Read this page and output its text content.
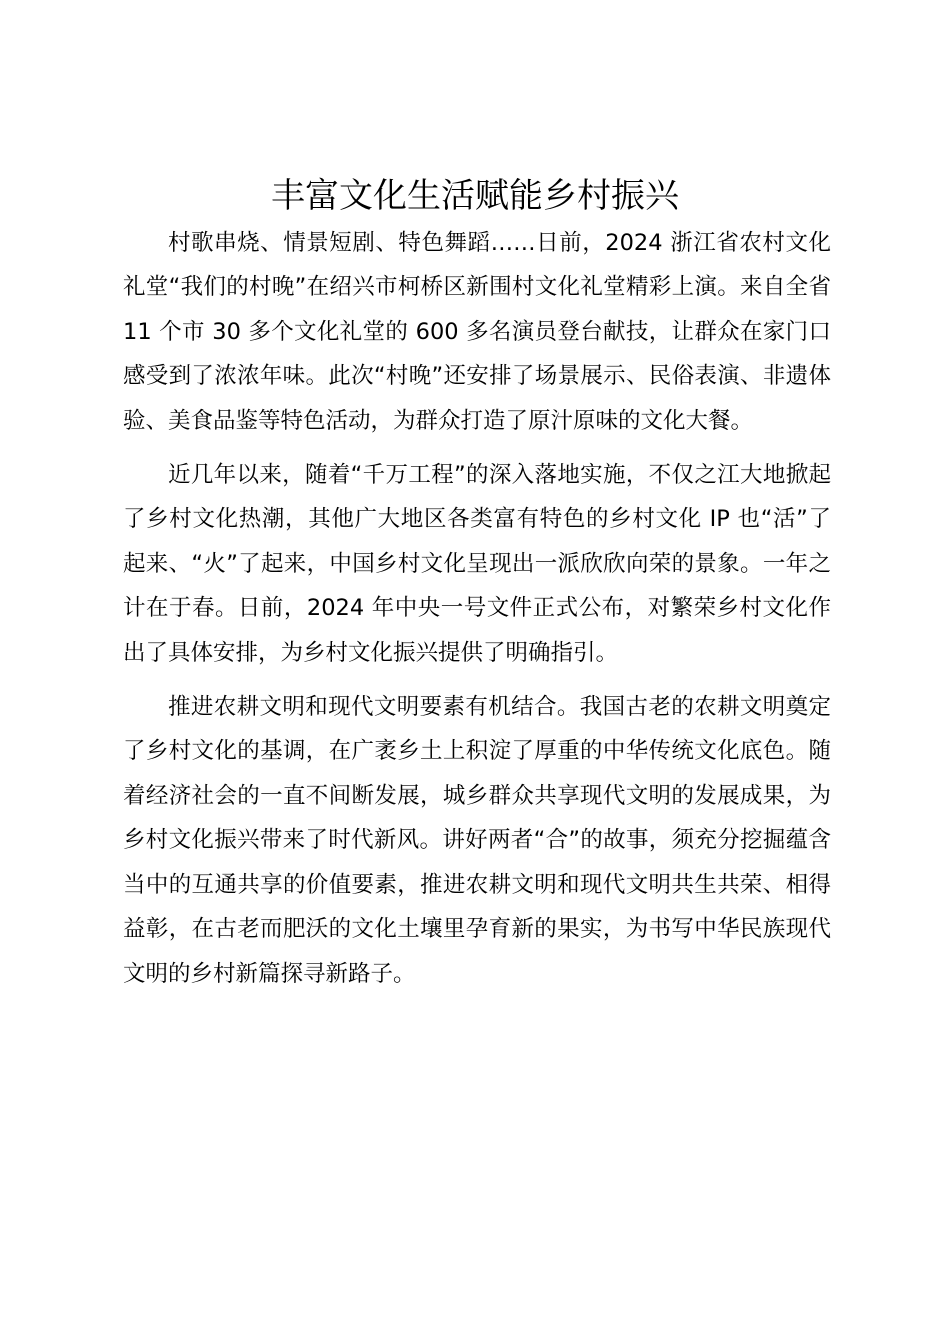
丰富文化生活赋能乡村振兴

村歌串烧、情景短剧、特色舞蹈……日前，2024 浙江省农村文化礼堂“我们的村晚”在绍兴市柯桥区新围村文化礼堂精彩上演。来自全省 11 个市 30 多个文化礼堂的 600 多名演员登台献技，让群众在家门口感受到了浓浓年味。此次“村晚”还安排了场景展示、民俗表演、非遗体验、美食品鉴等特色活动，为群众打造了原汁原味的文化大餐。

近几年以来，随着“千万工程”的深入落地实施，不仅之江大地掀起了乡村文化热潮，其他广大地区各类富有特色的乡村文化 IP 也“活”了起来、“火”了起来，中国乡村文化呈现出一派欣欣向荣的景象。一年之计在于春。日前，2024 年中央一号文件正式公布，对繁荣乡村文化作出了具体安排，为乡村文化振兴提供了明确指引。

推进农耕文明和现代文明要素有机结合。我国古老的农耕文明奠定了乡村文化的基调，在广袤乡土上积淀了厚重的中华传统文化底色。随着经济社会的一直不间断发展，城乡群众共享现代文明的发展成果，为乡村文化振兴带来了时代新风。讲好两者“合”的故事，须充分挖掘蕴含当中的互通共享的价值要素，推进农耕文明和现代文明共生共荣、相得益彰，在古老而肥沃的文化土壤里孕育新的果实，为书写中华民族现代文明的乡村新篇探寻新路子。
